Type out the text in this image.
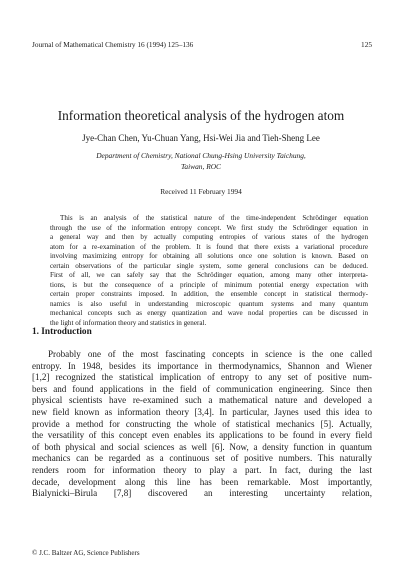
Journal of Mathematical Chemistry 16 (1994) 125–136	125
Information theoretical analysis of the hydrogen atom
Jye-Chan Chen, Yu-Chuan Yang, Hsi-Wei Jia and Tieh-Sheng Lee
Department of Chemistry, National Chung-Hsing University Taichung,
Taiwan, ROC
Received 11 February 1994
This is an analysis of the statistical nature of the time-independent Schrödinger equation
through the use of the information entropy concept. We first study the Schrödinger equation in
a general way and then by actually computing entropies of various states of the hydrogen
atom for a re-examination of the problem. It is found that there exists a variational procedure
involving maximizing entropy for obtaining all solutions once one solution is known. Based on
certain observations of the particular single system, some general conclusions can be deduced.
First of all, we can safely say that the Schrödinger equation, among many other interpreta-
tions, is but the consequence of a principle of minimum potential energy expectation with
certain proper constraints imposed. In addition, the ensemble concept in statistical thermody-
namics is also useful in understanding microscopic quantum systems and many quantum
mechanical concepts such as energy quantization and wave nodal properties can be discussed in
the light of information theory and statistics in general.
1. Introduction
Probably one of the most fascinating concepts in science is the one called
entropy. In 1948, besides its importance in thermodynamics, Shannon and Wiener
[1,2] recognized the statistical implication of entropy to any set of positive num-
bers and found applications in the field of communication engineering. Since then
physical scientists have re-examined such a mathematical nature and developed a
new field known as information theory [3,4]. In particular, Jaynes used this idea to
provide a method for constructing the whole of statistical mechanics [5]. Actually,
the versatility of this concept even enables its applications to be found in every field
of both physical and social sciences as well [6]. Now, a density function in quantum
mechanics can be regarded as a continuous set of positive numbers. This naturally
renders room for information theory to play a part. In fact, during the last
decade, development along this line has been remarkable. Most importantly,
Bialynicki–Birula [7,8] discovered an interesting uncertainty relation,
© J.C. Baltzer AG, Science Publishers
